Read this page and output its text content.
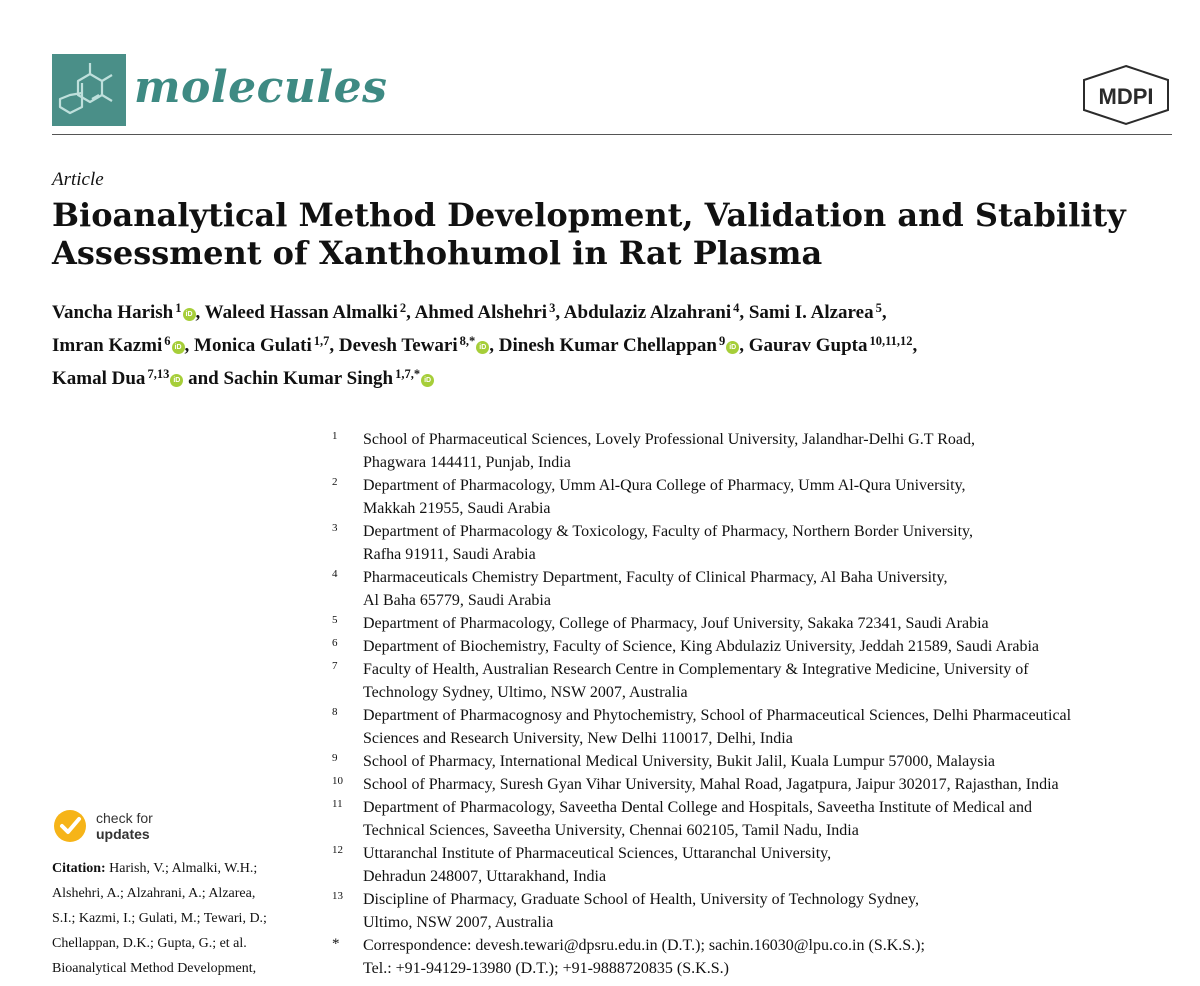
molecules	MDPI
Article
Bioanalytical Method Development, Validation and Stability
Assessment of Xanthohumol in Rat Plasma
Vancha Harish $^1$ iD , Waleed Hassan Almalki $^2$, Ahmed Alshehri $^3$, Abdulaziz Alzahrani $^4$, Sami I. Alzarea $^5$,
Imran Kazmi $^6$ iD , Monica Gulati $^{1,7}$, Devesh Tewari $^{8,*}$ iD , Dinesh Kumar Chellappan $^9$ iD , Gaurav Gupta $^{10,11,12}$,
Kamal Dua $^{7,13}$ iD and Sachin Kumar Singh $^{1,7,*}$ iD
1	School of Pharmaceutical Sciences, Lovely Professional University, Jalandhar-Delhi G.T Road,
Phagwara 144411, Punjab, India
2	Department of Pharmacology, Umm Al-Qura College of Pharmacy, Umm Al-Qura University,
Makkah 21955, Saudi Arabia
3	Department of Pharmacology & Toxicology, Faculty of Pharmacy, Northern Border University,
Rafha 91911, Saudi Arabia
4	Pharmaceuticals Chemistry Department, Faculty of Clinical Pharmacy, Al Baha University,
Al Baha 65779, Saudi Arabia
5	Department of Pharmacology, College of Pharmacy, Jouf University, Sakaka 72341, Saudi Arabia
6	Department of Biochemistry, Faculty of Science, King Abdulaziz University, Jeddah 21589, Saudi Arabia
7	Faculty of Health, Australian Research Centre in Complementary & Integrative Medicine, University of
Technology Sydney, Ultimo, NSW 2007, Australia
8	Department of Pharmacognosy and Phytochemistry, School of Pharmaceutical Sciences, Delhi Pharmaceutical
Sciences and Research University, New Delhi 110017, Delhi, India
9	School of Pharmacy, International Medical University, Bukit Jalil, Kuala Lumpur 57000, Malaysia
10	School of Pharmacy, Suresh Gyan Vihar University, Mahal Road, Jagatpura, Jaipur 302017, Rajasthan, India
11	Department of Pharmacology, Saveetha Dental College and Hospitals, Saveetha Institute of Medical and
Technical Sciences, Saveetha University, Chennai 602105, Tamil Nadu, India
12	Uttaranchal Institute of Pharmaceutical Sciences, Uttaranchal University,
Dehradun 248007, Uttarakhand, India
13	Discipline of Pharmacy, Graduate School of Health, University of Technology Sydney,
Ultimo, NSW 2007, Australia
*	Correspondence: devesh.tewari@dpsru.edu.in (D.T.); sachin.16030@lpu.co.in (S.K.S.);
Tel.: +91-94129-13980 (D.T.); +91-9888720835 (S.K.S.)
check for
updates
Citation: Harish, V.; Almalki, W.H.;
Alshehri, A.; Alzahrani, A.; Alzarea,
S.I.; Kazmi, I.; Gulati, M.; Tewari, D.;
Chellappan, D.K.; Gupta, G.; et al.
Bioanalytical Method Development,
